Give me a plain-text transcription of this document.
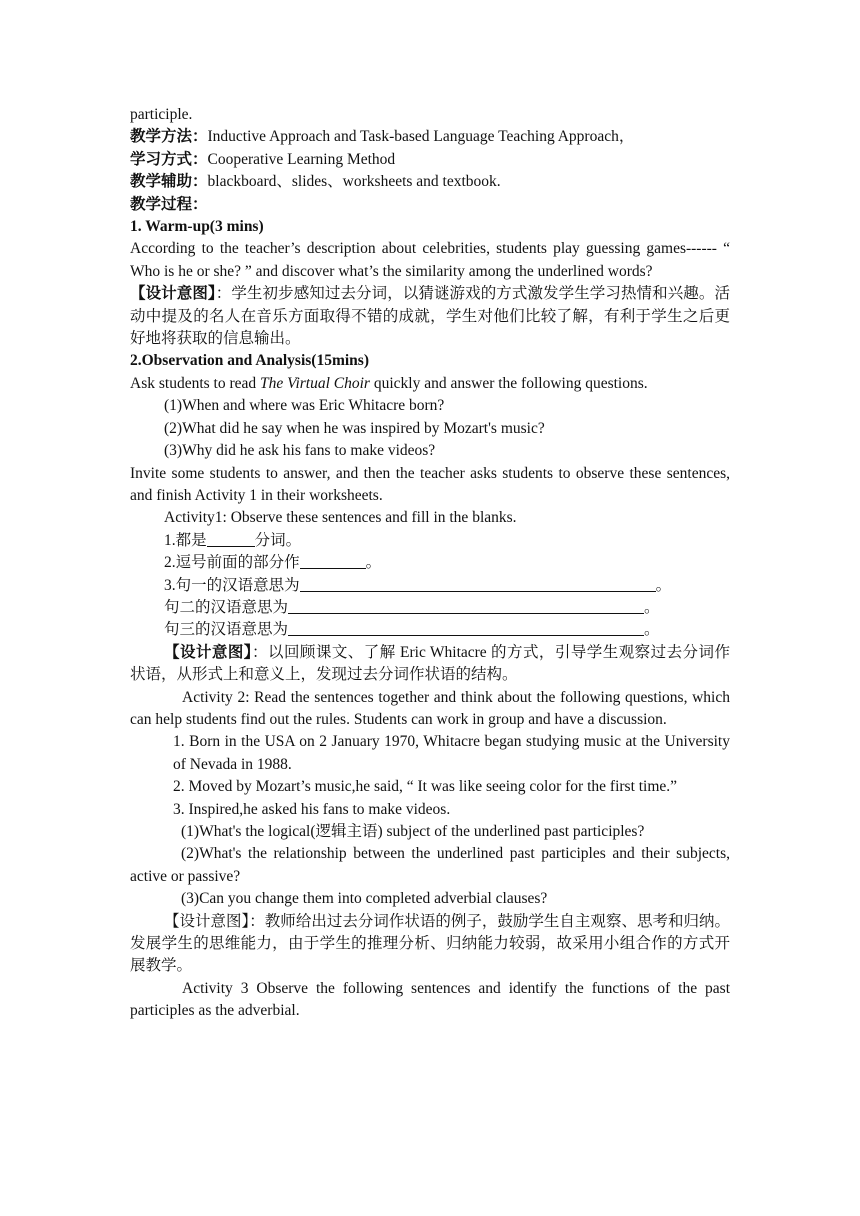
participle.
教学方法：Inductive Approach and Task-based Language Teaching Approach，
学习方式：Cooperative Learning Method
教学辅助：blackboard、slides、worksheets and textbook.
教学过程：
1. Warm-up(3 mins)
According to the teacher’s description about celebrities, students play guessing games------ “ Who is he or she? ” and discover what’s the similarity among the underlined words?
【设计意图】：学生初步感知过去分词，以猜谜游戏的方式激发学生学习热情和兴趣。活动中提及的名人在音乐方面取得不错的成就，学生对他们比较了解，有利于学生之后更好地将获取的信息输出。
2.Observation and Analysis(15mins)
Ask students to read The Virtual Choir quickly and answer the following questions.
(1)When and where was Eric Whitacre born?
(2)What did he say when he was inspired by Mozart's music?
(3)Why did he ask his fans to make videos?
Invite some students to answer, and then the teacher asks students to observe these sentences, and finish Activity 1 in their worksheets.
Activity1: Observe these sentences and fill in the blanks.
1.都是	分词。
2.逗号前面的部分作	。
3.句一的汉语意思为	。
句二的汉语意思为	。
句三的汉语意思为	。
【设计意图】：以回顾课文、了解 Eric Whitacre 的方式，引导学生观察过去分词作状语，从形式上和意义上，发现过去分词作状语的结构。
Activity 2: Read the sentences together and think about the following questions, which can help students find out the rules. Students can work in group and have a discussion.
1. Born in the USA on 2 January 1970, Whitacre began studying music at the University of Nevada in 1988.
2. Moved by Mozart’s music,he said, “ It was like seeing color for the first time.”
3. Inspired,he asked his fans to make videos.
(1)What's the logical(逻辑主语) subject of the underlined past participles?
(2)What's the relationship between the underlined past participles and their subjects, active or passive?
(3)Can you change them into completed adverbial clauses?
【设计意图】：教师给出过去分词作状语的例子，鼓励学生自主观察、思考和归纳。发展学生的思维能力，由于学生的推理分析、归纳能力较弱，故采用小组合作的方式开展教学。
Activity 3 Observe the following sentences and identify the functions of the past participles as the adverbial.
